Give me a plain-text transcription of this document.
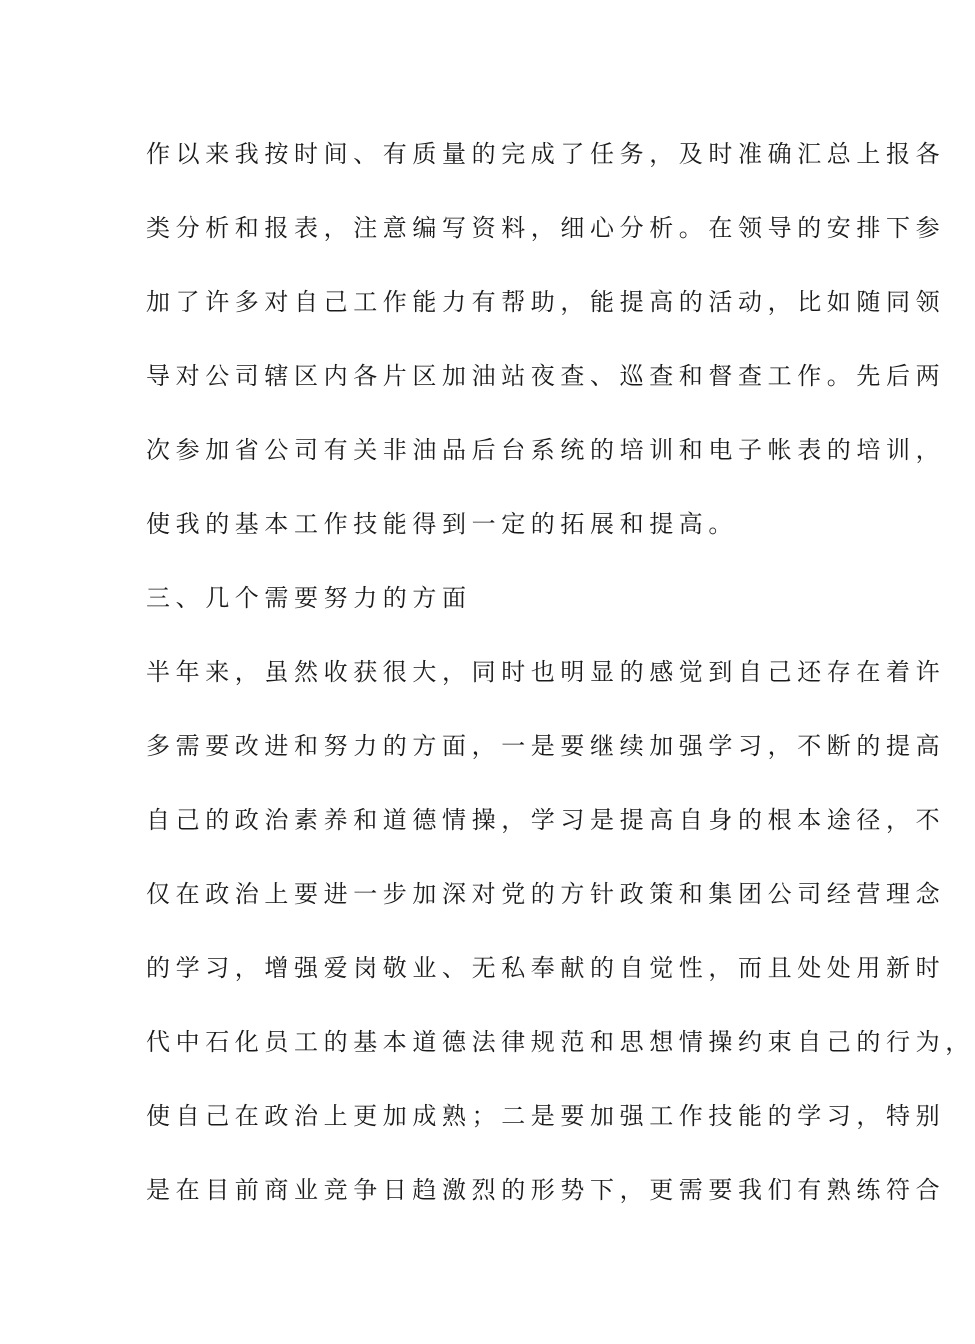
作以来我按时间、有质量的完成了任务，及时准确汇总上报各
类分析和报表，注意编写资料，细心分析。在领导的安排下参
加了许多对自己工作能力有帮助，能提高的活动，比如随同领
导对公司辖区内各片区加油站夜查、巡查和督查工作。先后两
次参加省公司有关非油品后台系统的培训和电子帐表的培训，
使我的基本工作技能得到一定的拓展和提高。
三、几个需要努力的方面
半年来，虽然收获很大，同时也明显的感觉到自己还存在着许
多需要改进和努力的方面，一是要继续加强学习，不断的提高
自己的政治素养和道德情操，学习是提高自身的根本途径，不
仅在政治上要进一步加深对党的方针政策和集团公司经营理念
的学习，增强爱岗敬业、无私奉献的自觉性，而且处处用新时
代中石化员工的基本道德法律规范和思想情操约束自己的行为，
使自己在政治上更加成熟；二是要加强工作技能的学习，特别
是在目前商业竞争日趋激烈的形势下，更需要我们有熟练符合
